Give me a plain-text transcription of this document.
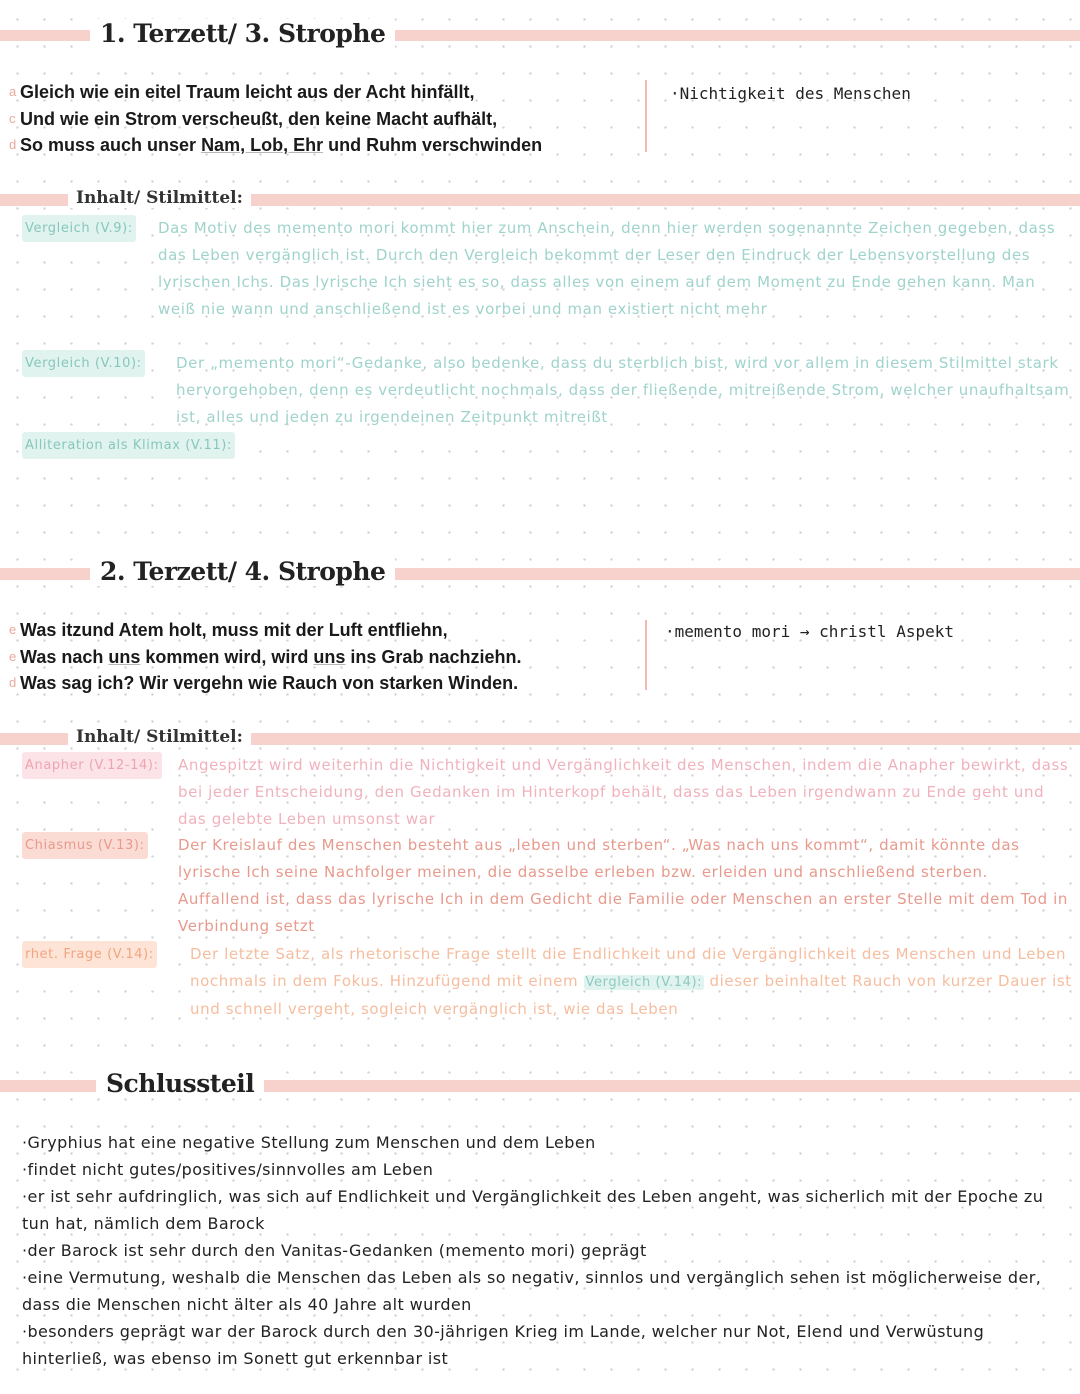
1. Terzett/ 3. Strophe
a Gleich wie ein eitel Traum leicht aus der Acht hinfällt,
c Und wie ein Strom verscheußt, den keine Macht aufhält,
d So muss auch unser Nam, Lob, Ehr und Ruhm verschwinden
·Nichtigkeit des Menschen
Inhalt/ Stilmittel:
Vergleich (V.9):	Das Motiv des memento mori kommt hier zum Anschein, denn hier werden sogenannte Zeichen gegeben, dass das Leben vergänglich ist. Durch den Vergleich bekommt der Leser den Eindruck der Lebensvorstellung des lyrischen Ichs. Das lyrische Ich sieht es so, dass alles von einem auf dem Moment zu Ende gehen kann. Man weiß nie wann und anschließend ist es vorbei und man existiert nicht mehr
Vergleich (V.10):	Der „memento mori“-Gedanke, also bedenke, dass du sterblich bist, wird vor allem in diesem Stilmittel stark hervorgehoben, denn es verdeutlicht nochmals, dass der fließende, mitreißende Strom, welcher unaufhaltsam ist, alles und jeden zu irgendeinen Zeitpunkt mitreißt
Alliteration als Klimax (V.11):
2. Terzett/ 4. Strophe
e Was itzund Atem holt, muss mit der Luft entfliehn,
e Was nach uns kommen wird, wird uns ins Grab nachziehn.
d Was sag ich? Wir vergehn wie Rauch von starken Winden.
·memento mori → christl Aspekt
Inhalt/ Stilmittel:
Anapher (V.12-14):	Angespitzt wird weiterhin die Nichtigkeit und Vergänglichkeit des Menschen, indem die Anapher bewirkt, dass bei jeder Entscheidung, den Gedanken im Hinterkopf behält, dass das Leben irgendwann zu Ende geht und das gelebte Leben umsonst war
Chiasmus (V.13):	Der Kreislauf des Menschen besteht aus „leben und sterben“. „Was nach uns kommt“, damit könnte das lyrische Ich seine Nachfolger meinen, die dasselbe erleben bzw. erleiden und anschließend sterben. Auffallend ist, dass das lyrische Ich in dem Gedicht die Familie oder Menschen an erster Stelle mit dem Tod in Verbindung setzt
rhet. Frage (V.14):	Der letzte Satz, als rhetorische Frage stellt die Endlichkeit und die Vergänglichkeit des Menschen und Leben nochmals in dem Fokus. Hinzufügend mit einem Vergleich (V.14): dieser beinhaltet Rauch von kurzer Dauer ist und schnell vergeht, sogleich vergänglich ist, wie das Leben
Schlussteil
·Gryphius hat eine negative Stellung zum Menschen und dem Leben
·findet nicht gutes/positives/sinnvolles am Leben
·er ist sehr aufdringlich, was sich auf Endlichkeit und Vergänglichkeit des Leben angeht, was sicherlich mit der Epoche zu tun hat, nämlich dem Barock
·der Barock ist sehr durch den Vanitas-Gedanken (memento mori) geprägt
·eine Vermutung, weshalb die Menschen das Leben als so negativ, sinnlos und vergänglich sehen ist möglicherweise der, dass die Menschen nicht älter als 40 Jahre alt wurden
·besonders geprägt war der Barock durch den 30-jährigen Krieg im Lande, welcher nur Not, Elend und Verwüstung hinterließ, was ebenso im Sonett gut erkennbar ist
